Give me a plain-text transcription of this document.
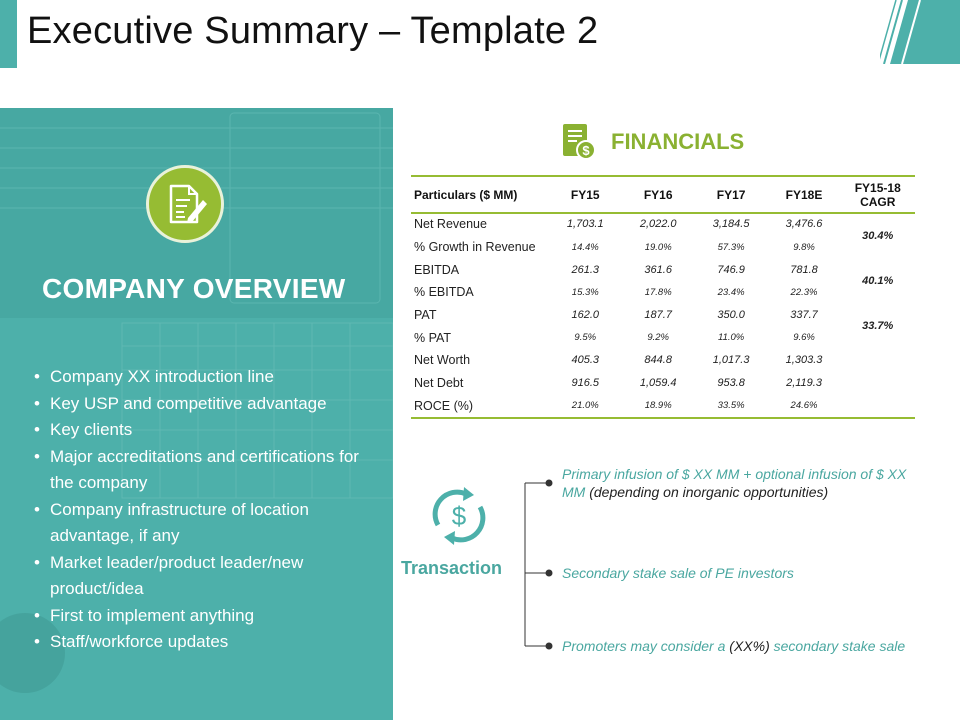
Executive Summary – Template 2
COMPANY OVERVIEW
• Company XX introduction line
• Key USP and competitive advantage
• Key clients
• Major accreditations and certifications for the company
• Company infrastructure of location advantage, if any
• Market leader/product leader/new product/idea
• First to implement anything
• Staff/workforce updates
$ FINANCIALS
Particulars ($ MM)	FY15	FY16	FY17	FY18E	FY15-18
CAGR
Net Revenue	1,703.1	2,022.0	3,184.5	3,476.6	30.4%
% Growth in Revenue	14.4%	19.0%	57.3%	9.8%	
EBITDA	261.3	361.6	746.9	781.8	40.1%
% EBITDA	15.3%	17.8%	23.4%	22.3%	
PAT	162.0	187.7	350.0	337.7	33.7%
% PAT	9.5%	9.2%	11.0%	9.6%	
Net Worth	405.3	844.8	1,017.3	1,303.3	
Net Debt	916.5	1,059.4	953.8	2,119.3	
ROCE (%)	21.0%	18.9%	33.5%	24.6%	
$
Transaction
Primary infusion of $ XX MM + optional infusion of $ XX MM (depending on inorganic opportunities)
Secondary stake sale of PE investors
Promoters may consider a (XX%) secondary stake sale
